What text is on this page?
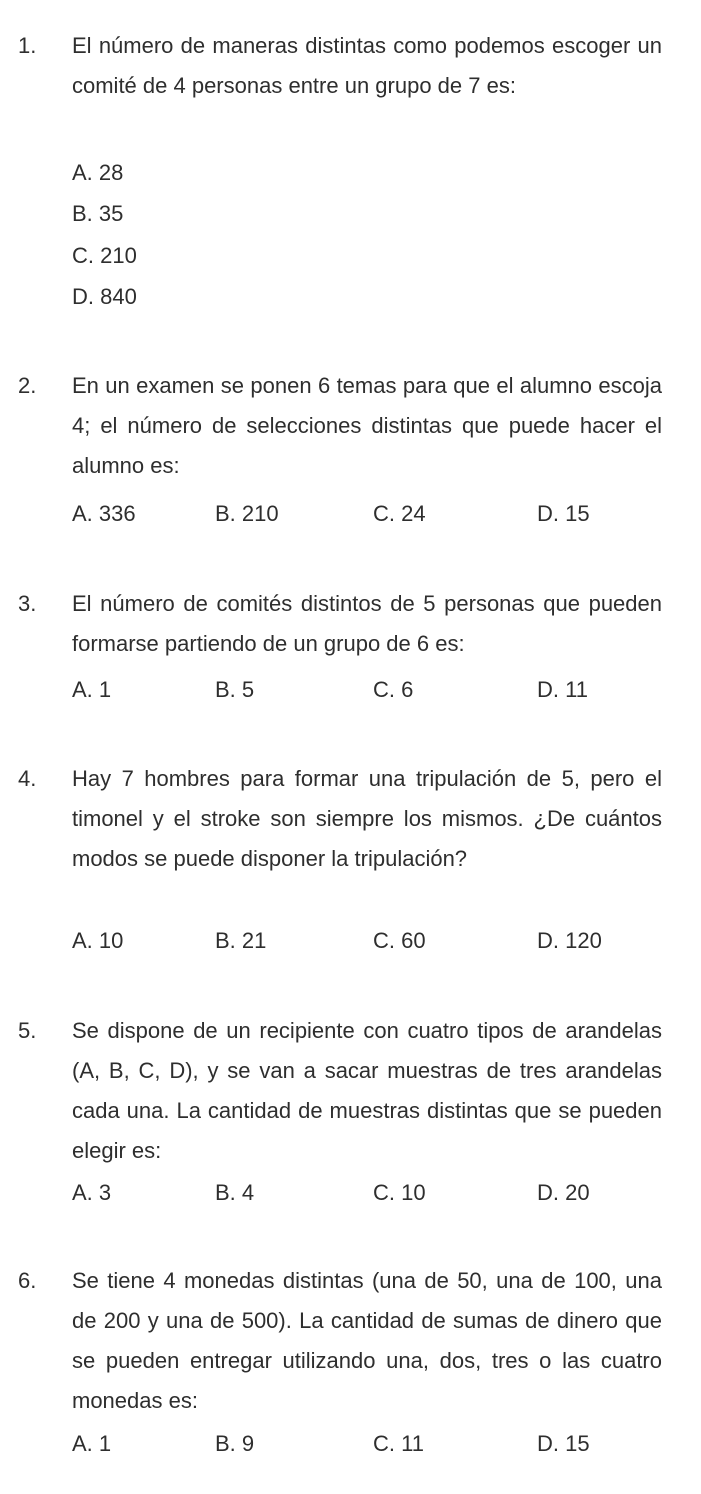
1. El número de maneras distintas como podemos escoger un comité de 4 personas entre un grupo de 7 es:
A. 28
B. 35
C. 210
D. 840
2. En un examen se ponen 6 temas para que el alumno escoja 4; el número de selecciones distintas que puede hacer el alumno es:
A. 336	B. 210	C. 24	D. 15
3. El número de comités distintos de 5 personas que pueden formarse partiendo de un grupo de 6 es:
A. 1	B. 5	C. 6	D. 11
4. Hay 7 hombres para formar una tripulación de 5, pero el timonel y el stroke son siempre los mismos. ¿De cuántos modos se puede disponer la tripulación?
A. 10	B. 21	C. 60	D. 120
5. Se dispone de un recipiente con cuatro tipos de arandelas (A, B, C, D), y se van a sacar muestras de tres arandelas cada una. La cantidad de muestras distintas que se pueden elegir es:
A. 3	B. 4	C. 10	D. 20
6. Se tiene 4 monedas distintas (una de 50, una de 100, una de 200 y una de 500). La cantidad de sumas de dinero que se pueden entregar utilizando una, dos, tres o las cuatro monedas es:
A. 1	B. 9	C. 11	D. 15
